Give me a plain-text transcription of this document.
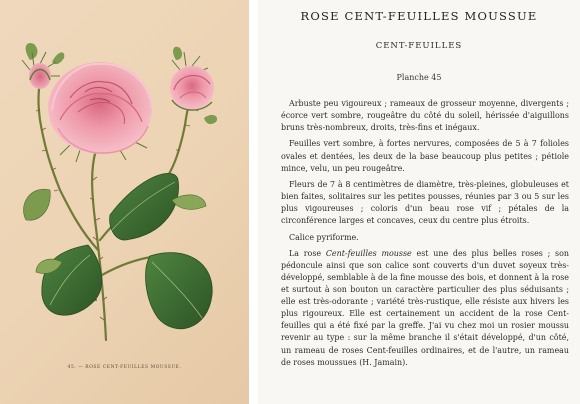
45. — ROSE CENT-FEUILLES MOUSSUE.
ROSE CENT-FEUILLES MOUSSUE
CENT-FEUILLES
Planche 45

Arbuste peu vigoureux ; rameaux de grosseur moyenne, divergents ; écorce vert sombre, rougeâtre du côté du soleil, hérissée d'aiguillons bruns très-nombreux, droits, très-fins et inégaux.

Feuilles vert sombre, à fortes nervures, composées de 5 à 7 folioles ovales et dentées, les deux de la base beaucoup plus petites ; pétiole mince, velu, un peu rougeâtre.

Fleurs de 7 à 8 centimètres de diamètre, très-pleines, globuleuses et bien faites, solitaires sur les petites pousses, réunies par 3 ou 5 sur les plus vigoureuses ; coloris d'un beau rose vif ; pétales de la circonférence larges et concaves, ceux du centre plus étroits.

Calice pyriforme.

La rose Cent-feuilles mousse est une des plus belles roses ; son pédoncule ainsi que son calice sont couverts d'un duvet soyeux très-développé, semblable à de la fine mousse des bois, et donnent à la rose et surtout à son bouton un caractère particulier des plus séduisants ; elle est très-odorante ; variété très-rustique, elle résiste aux hivers les plus rigoureux. Elle est certainement un accident de la rose Cent-feuilles qui a été fixé par la greffe. J'ai vu chez moi un rosier moussu revenir au type : sur la même branche il s'était développé, d'un côté, un rameau de roses Cent-feuilles ordinaires, et de l'autre, un rameau de roses moussues (H. Jamain).
